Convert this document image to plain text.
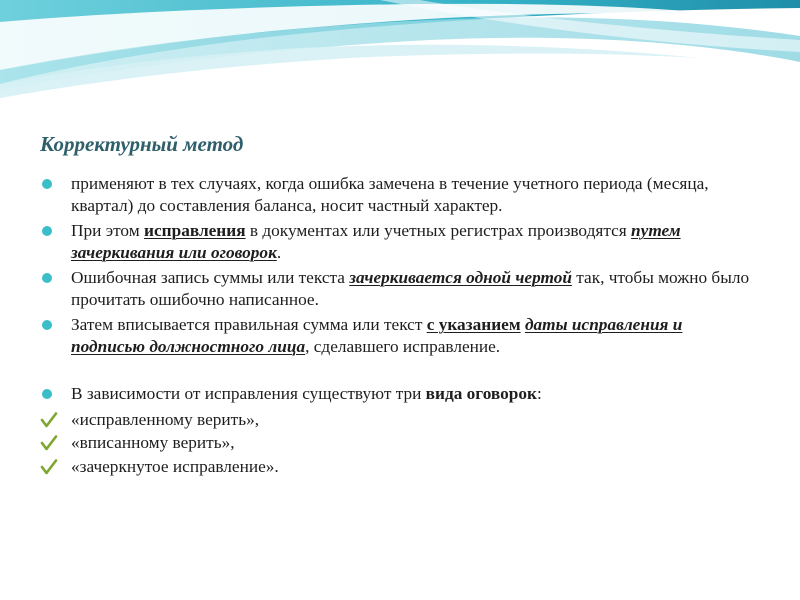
Корректурный метод
применяют в тех случаях, когда ошибка замечена в течение учетного периода (месяца, квартал) до составления баланса, носит частный характер.
При этом исправления в документах или учетных регистрах производятся путем зачеркивания или оговорок.
Ошибочная запись суммы или текста зачеркивается одной чертой так, чтобы можно было прочитать ошибочно написанное.
Затем вписывается правильная сумма или текст с указанием даты исправления и подписью должностного лица, сделавшего исправление.
В зависимости от исправления существуют три вида оговорок:
«исправленному верить»,
«вписанному верить»,
«зачеркнутое исправление».
